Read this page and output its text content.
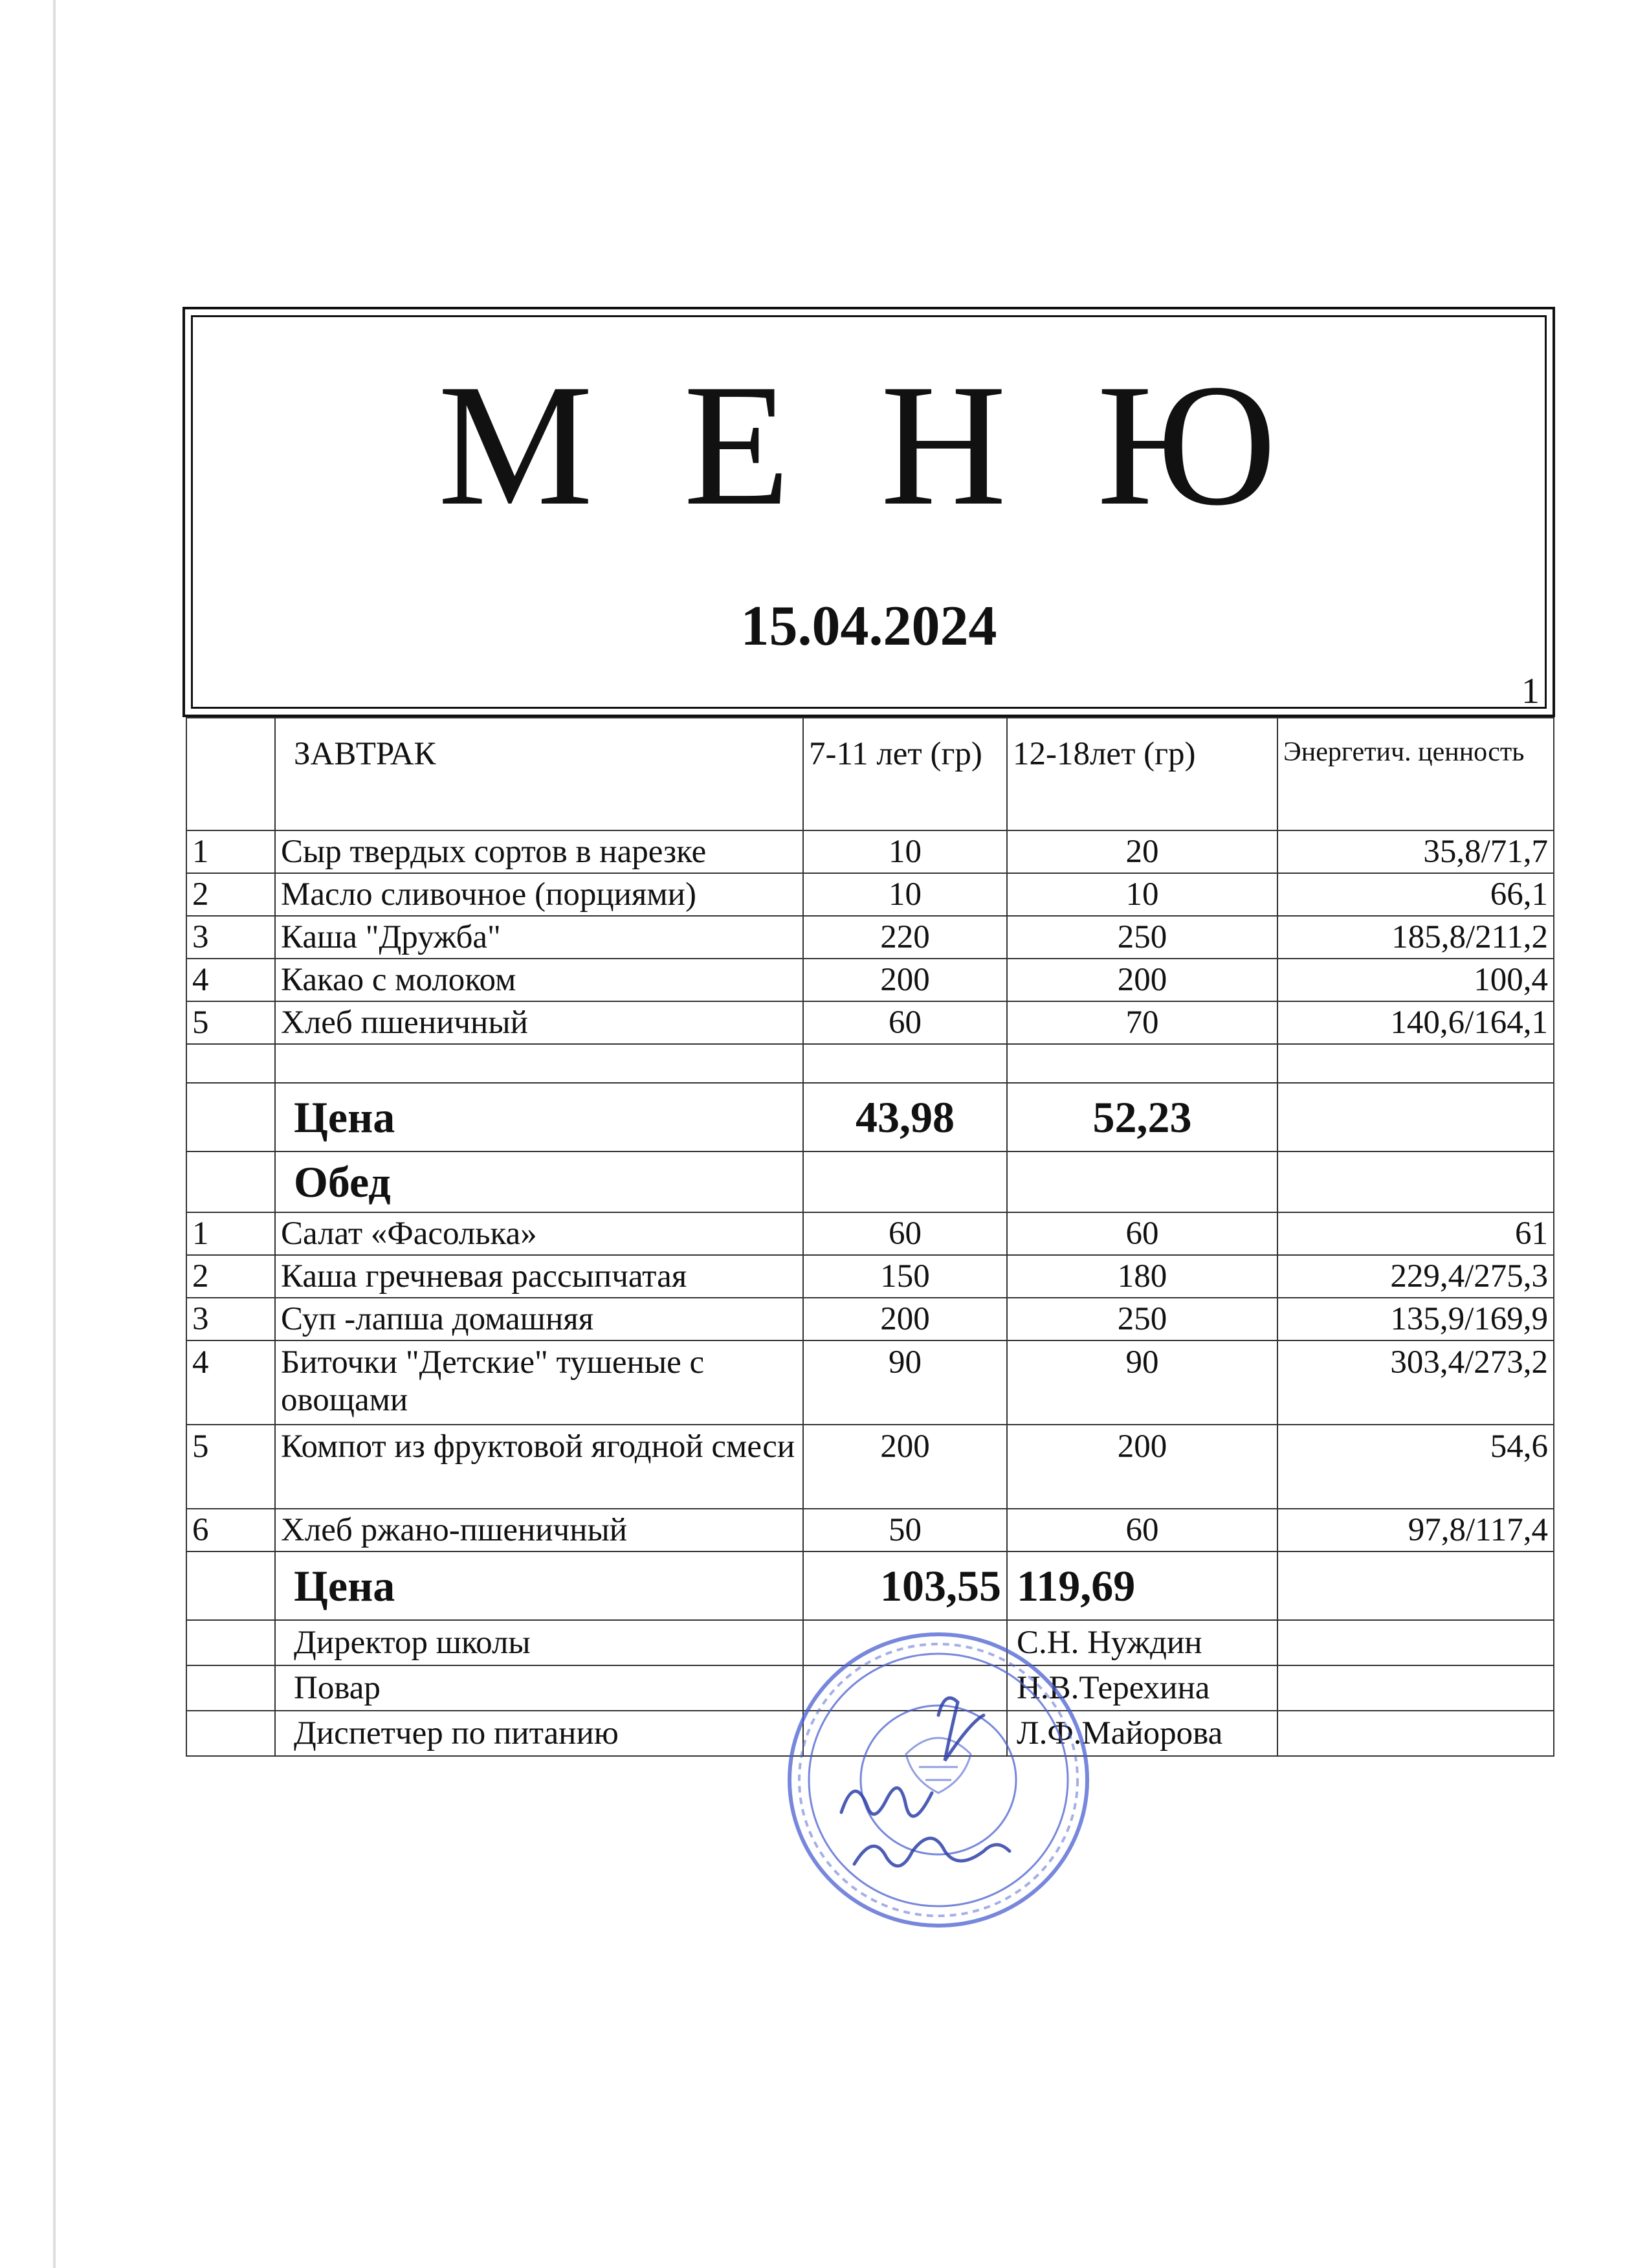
М Е Н Ю
15.04.2024
1
	ЗАВТРАК	7-11 лет (гр)	12-18лет (гр)	Энергетич. ценность
1	Сыр твердых сортов в нарезке	10	20	35,8/71,7
2	Масло сливочное (порциями)	10	10	66,1
3	Каша "Дружба"	220	250	185,8/211,2
4	Какао с молоком	200	200	100,4
5	Хлеб пшеничный	60	70	140,6/164,1

	Цена	43,98	52,23	
	Обед			
1	Салат «Фасолька»	60	60	61
2	Каша гречневая рассыпчатая	150	180	229,4/275,3
3	Суп -лапша домашняя	200	250	135,9/169,9
4	Биточки "Детские" тушеные с овощами	90	90	303,4/273,2
5	Компот из фруктовой ягодной смеси	200	200	54,6
6	Хлеб ржано-пшеничный	50	60	97,8/117,4
	Цена	103,55	119,69	
	Директор школы		С.Н. Нуждин	
	Повар		Н.В.Терехина	
	Диспетчер по питанию		Л.Ф.Майорова	
